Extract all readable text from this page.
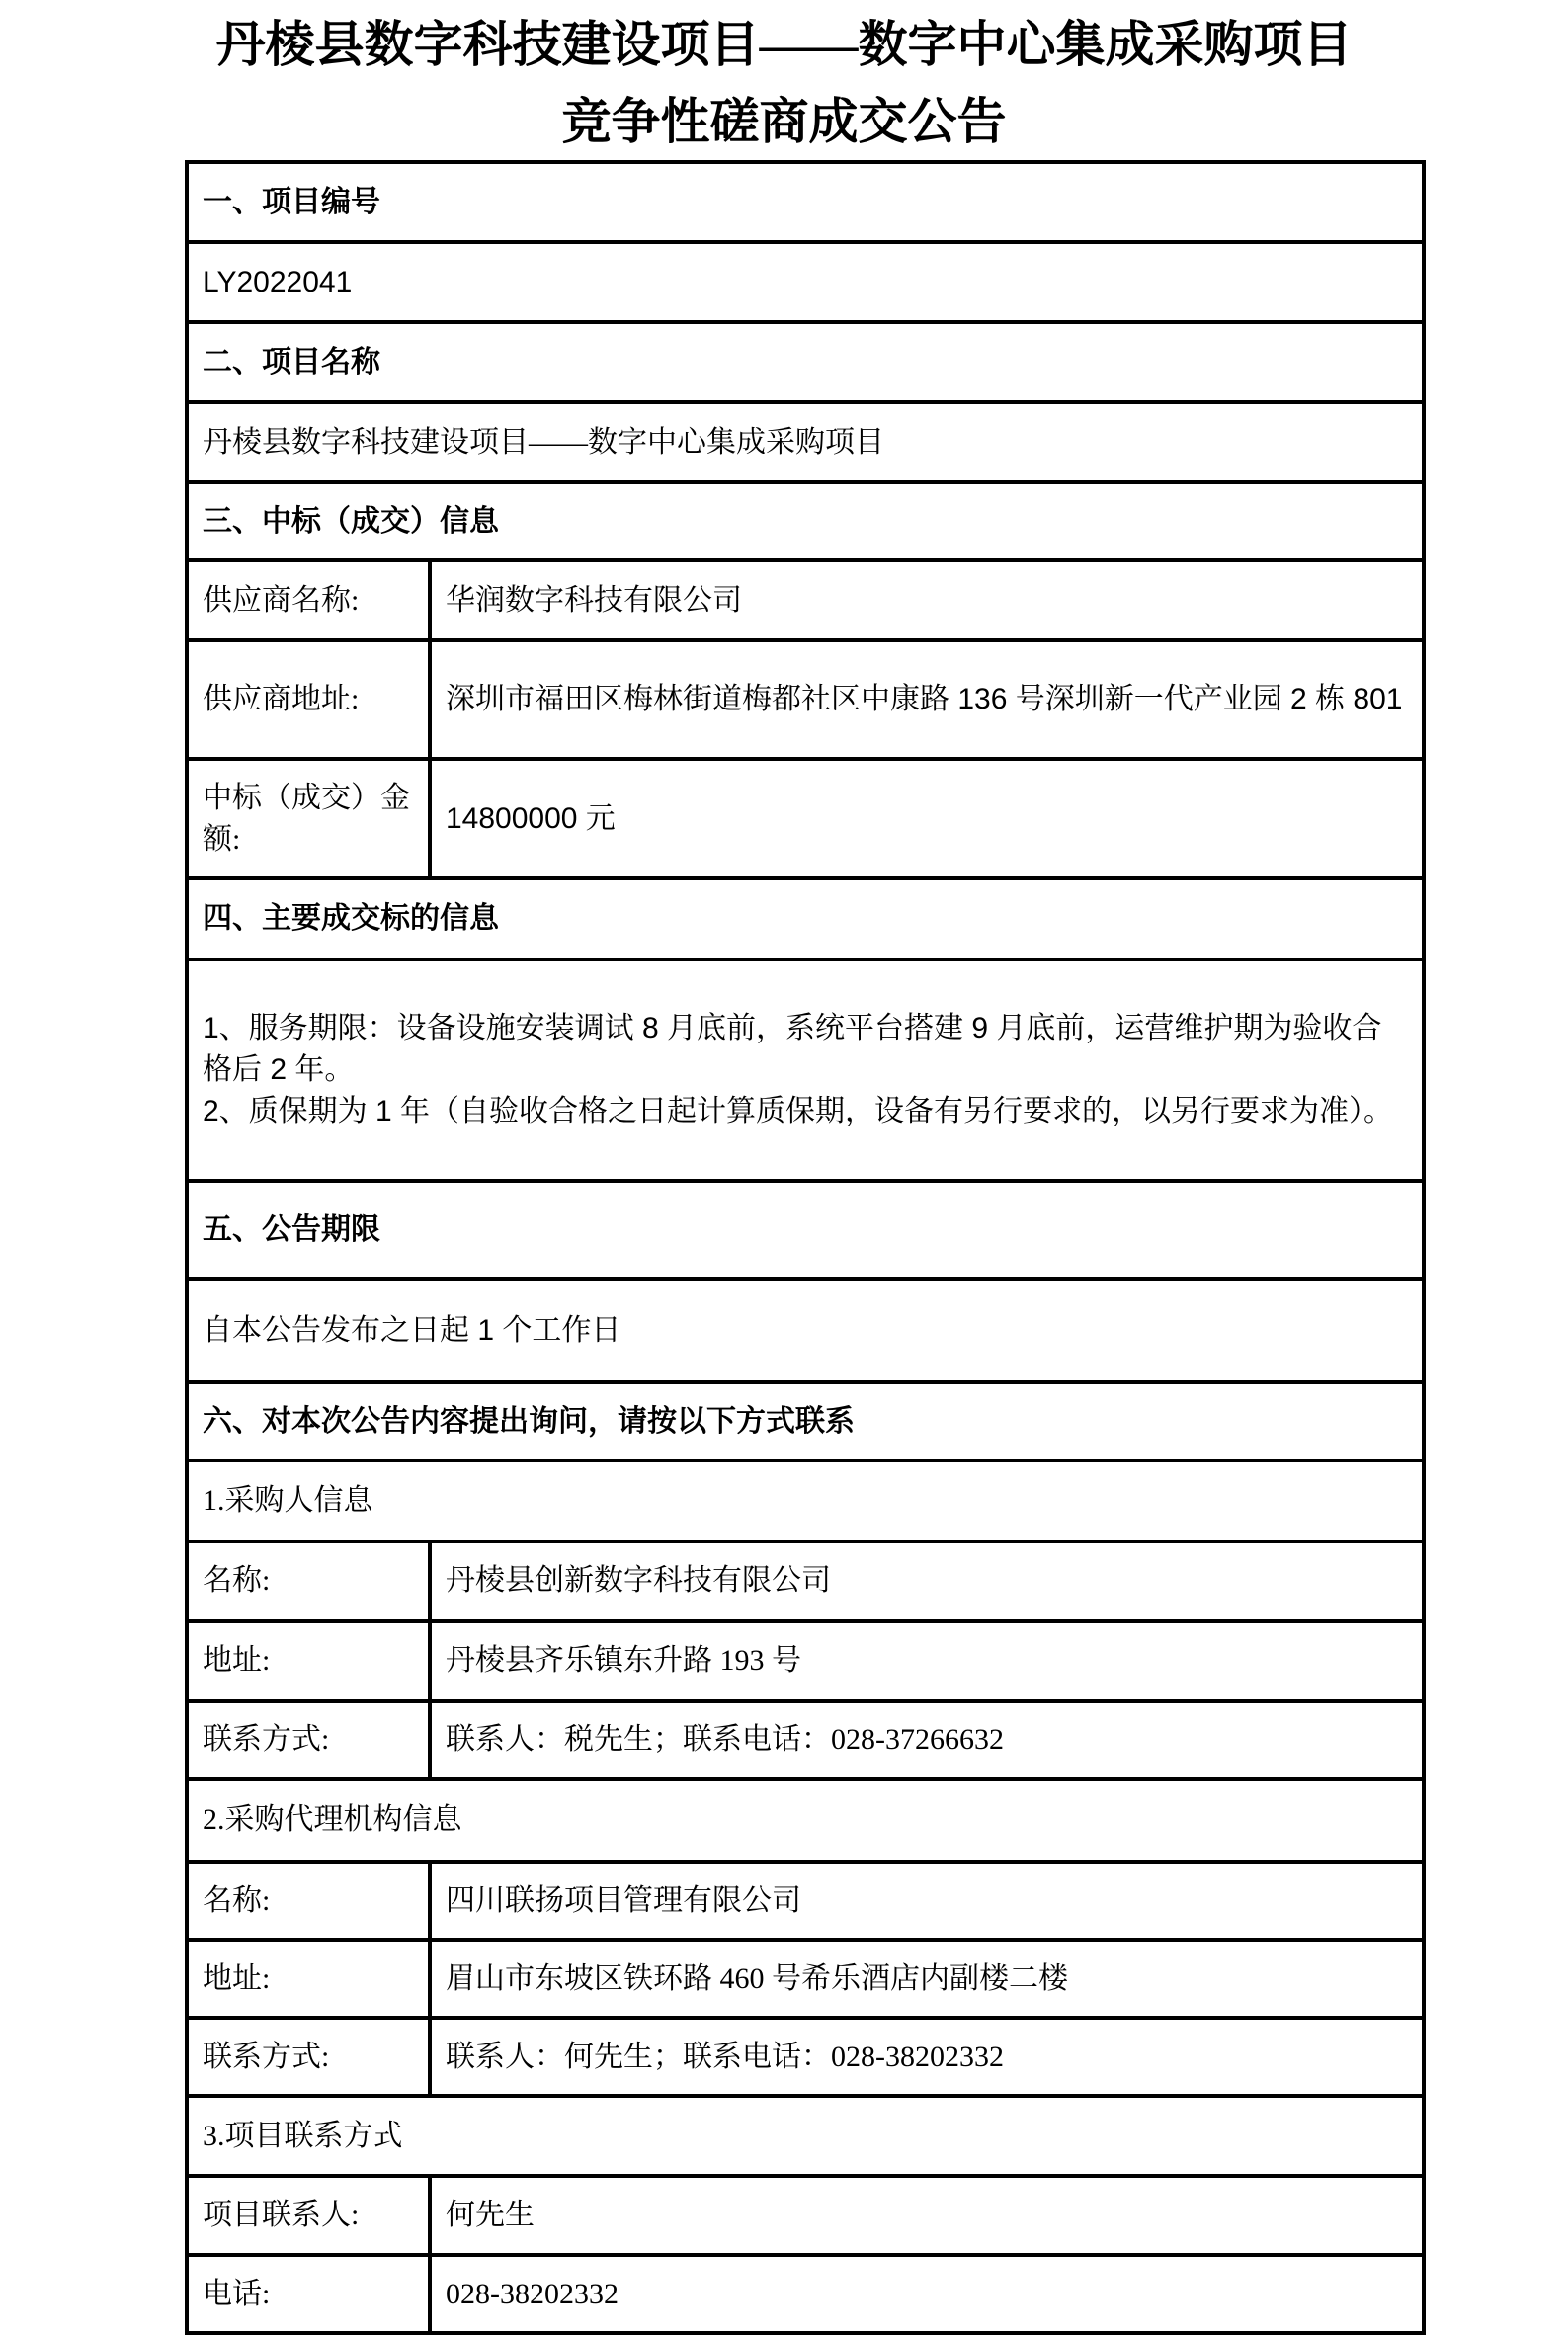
丹棱县数字科技建设项目——数字中心集成采购项目
竞争性磋商成交公告
一、项目编号	
LY2022041	
二、项目名称	
丹棱县数字科技建设项目——数字中心集成采购项目	
三、中标（成交）信息	
供应商名称:	华润数字科技有限公司
供应商地址:	深圳市福田区梅林街道梅都社区中康路 136 号深圳新一代产业园 2 栋 801
中标（成交）金额:	14800000 元
四、主要成交标的信息	

1、服务期限：设备设施安装调试 8 月底前，系统平台搭建 9 月底前，运营维护期为验收合格后 2 年。
2、质保期为 1 年（自验收合格之日起计算质保期，设备有另行要求的，以另行要求为准）。	

五、公告期限	
自本公告发布之日起 1 个工作日	
六、对本次公告内容提出询问，请按以下方式联系	
1.采购人信息	
名称:	丹棱县创新数字科技有限公司
地址:	丹棱县齐乐镇东升路 193 号
联系方式:	联系人：税先生；联系电话：028-37266632
2.采购代理机构信息	
名称:	四川联扬项目管理有限公司
地址:	眉山市东坡区铁环路 460 号希乐酒店内副楼二楼
联系方式:	联系人：何先生；联系电话：028-38202332
3.项目联系方式	
项目联系人:	何先生
电话:	028-38202332
